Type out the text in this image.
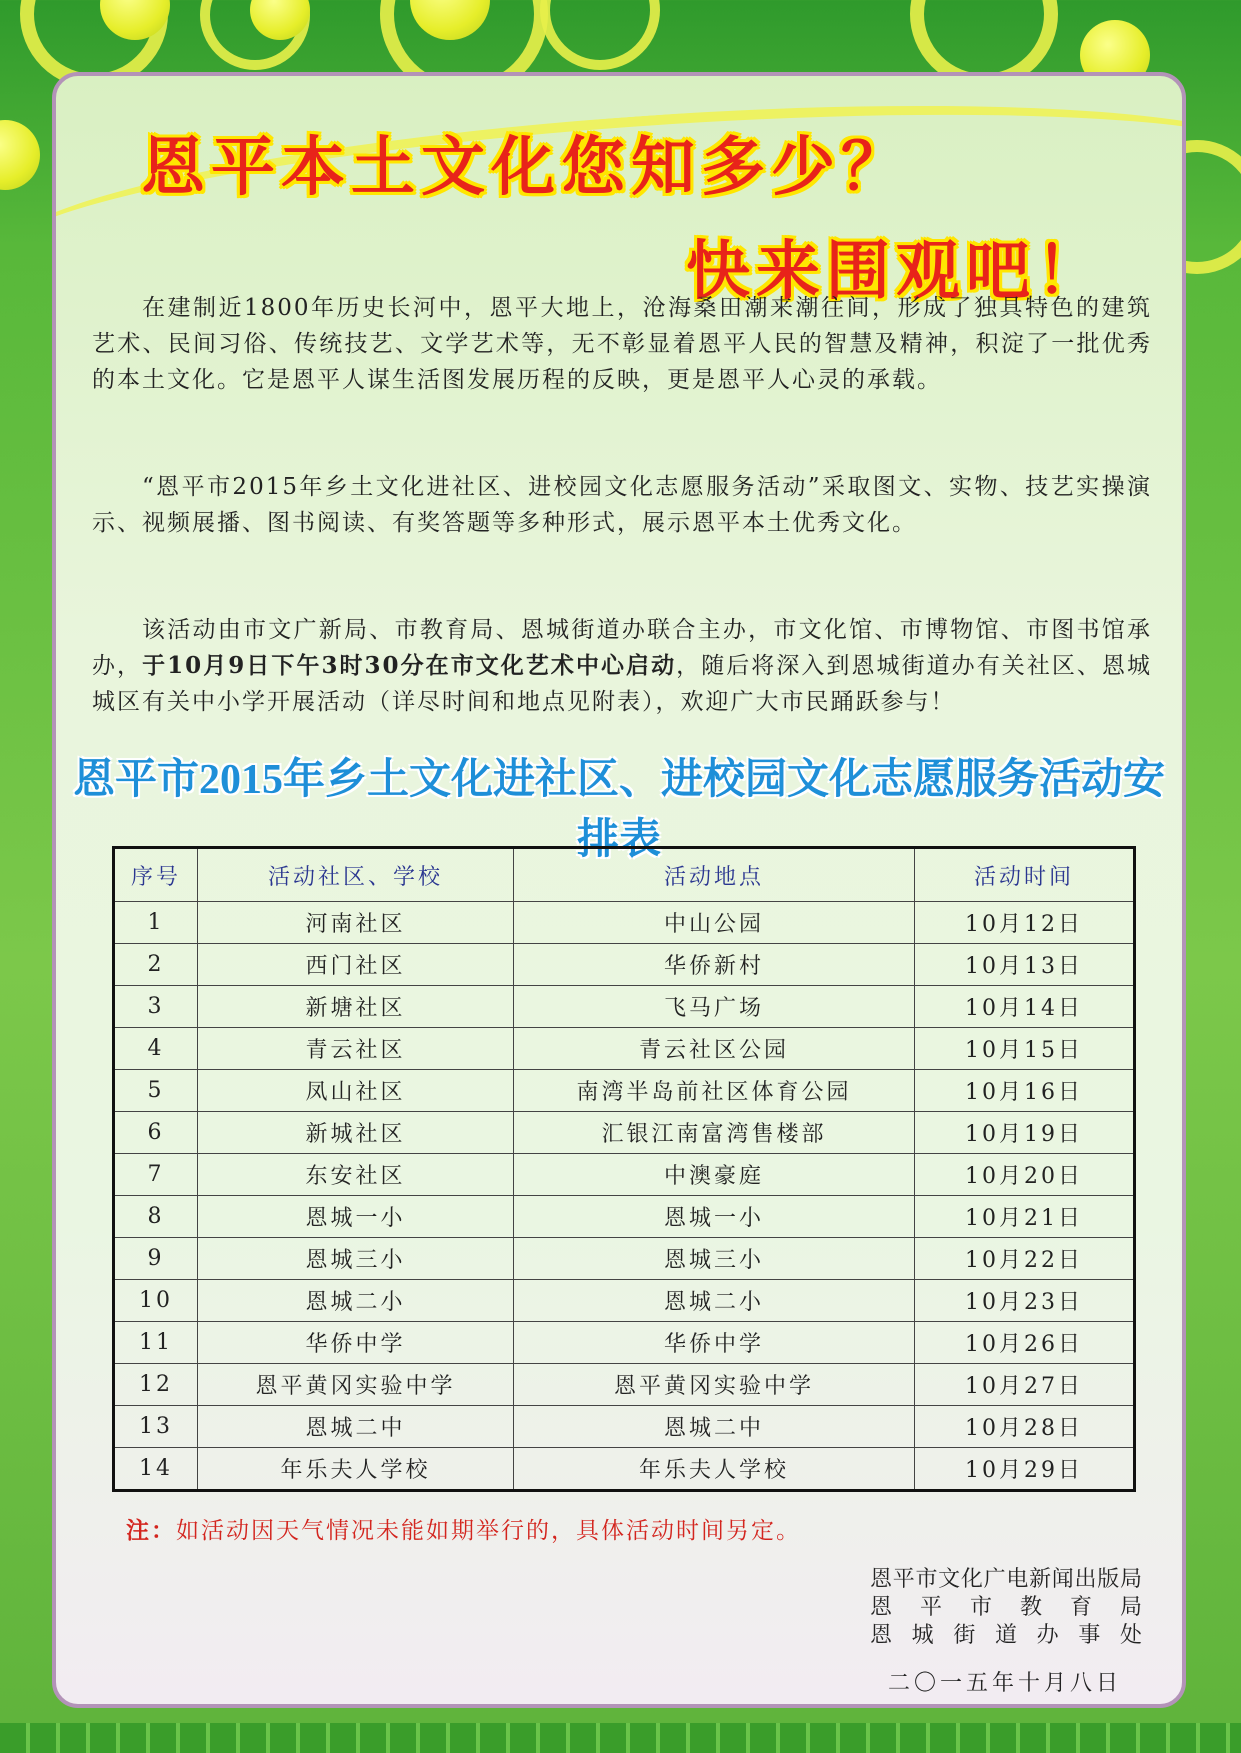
恩平本土文化您知多少？
快来围观吧！

在建制近1800年历史长河中，恩平大地上，沧海桑田潮来潮往间，形成了独具特色的建筑艺术、民间习俗、传统技艺、文学艺术等，无不彰显着恩平人民的智慧及精神，积淀了一批优秀的本土文化。它是恩平人谋生活图发展历程的反映，更是恩平人心灵的承载。

“恩平市2015年乡土文化进社区、进校园文化志愿服务活动”采取图文、实物、技艺实操演示、视频展播、图书阅读、有奖答题等多种形式，展示恩平本土优秀文化。

该活动由市文广新局、市教育局、恩城街道办联合主办，市文化馆、市博物馆、市图书馆承办，于10月9日下午3时30分在市文化艺术中心启动，随后将深入到恩城街道办有关社区、恩城城区有关中小学开展活动（详尽时间和地点见附表），欢迎广大市民踊跃参与！

恩平市2015年乡土文化进社区、进校园文化志愿服务活动安排表
序号	活动社区、学校	活动地点	活动时间
1	河南社区	中山公园	10月12日
2	西门社区	华侨新村	10月13日
3	新塘社区	飞马广场	10月14日
4	青云社区	青云社区公园	10月15日
5	凤山社区	南湾半岛前社区体育公园	10月16日
6	新城社区	汇银江南富湾售楼部	10月19日
7	东安社区	中澳豪庭	10月20日
8	恩城一小	恩城一小	10月21日
9	恩城三小	恩城三小	10月22日
10	恩城二小	恩城二小	10月23日
11	华侨中学	华侨中学	10月26日
12	恩平黄冈实验中学	恩平黄冈实验中学	10月27日
13	恩城二中	恩城二中	10月28日
14	年乐夫人学校	年乐夫人学校	10月29日

注：如活动因天气情况未能如期举行的，具体活动时间另定。

恩平市文化广电新闻出版局

恩平市教育局

恩城街道办事处

二〇一五年十月八日
